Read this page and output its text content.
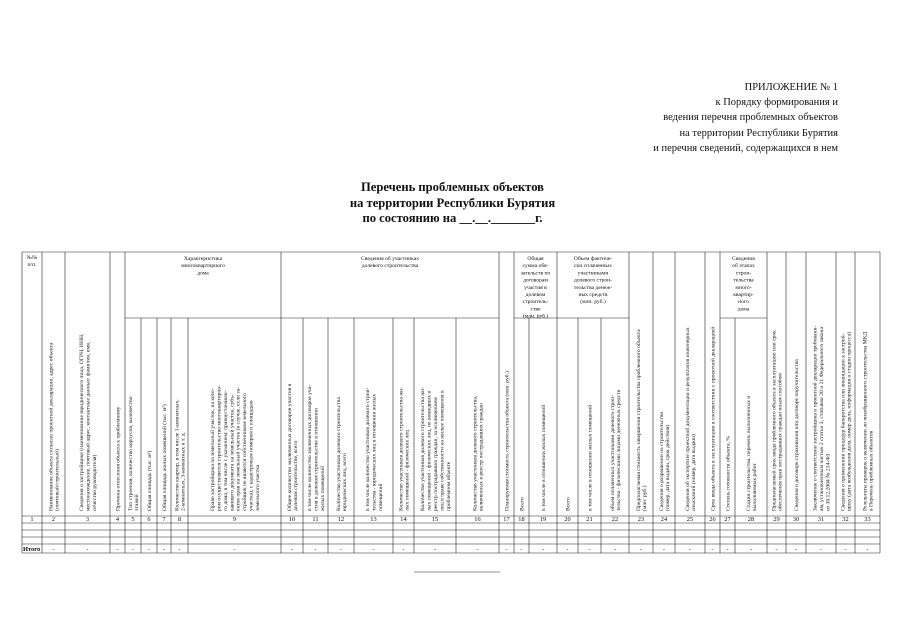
ПРИЛОЖЕНИЕ № 1
к Порядку формирования и
ведения перечня проблемных объектов
на территории Республики Бурятия
и перечня сведений, содержащихся в нем
Перечень проблемных объектов
на территории Республики Бурятия
по состоянию на __.__._______г.
Характеристика
многоквартирного
дома
Сведения об участниках
долевого строительства
Общая
сумма обя-
зательств по
договорам
участия в
долевом
строитель-
стве
(млн. руб.)
Объем фактиче-
ски сплаченных
участниками
долевого строи-
тельства денеж-
ных средств
(млн. руб.)
Сведения
об этапах
строи-
тельства
много-
квартир-
ного
дома
№№
п/п.
1
Наименование объекта согласно проектной декларации, адрес объекта (почтовый/строительный)
2
-
Сведения о застройщике (наименование юридического лица, ОГРН, ИНН, местонахождение, почтовый адрес, контактные данные: фамилия, имя, отчество руководителя)
3
-
Причина отнесения объекта к проблемному
4
-
Тип строения, количество корпусов, количество этажей
5
-
Общая площадь (тыс. м²)
6
-
Общая площадь жилых помещений (тыс. м²)
7
-
Количество квартир, в том числе 1-комнатных, 2-комнатных, 3-комнатных и т. д.
8
-
Право застройщика на земельный участок, на кото- ром осуществляется строительство многоквартирно- го дома, в том числе с указанием: правоустанавли- вающего документа на земельный участок, субъ- ектов прав на земельный участок (в случае, если за- стройщик не является собственником земельного участка), с кадастровым номером и площадью земельного участка
9
-
Общее количество заключенных договоров участия в долевом строительстве, всего
10
-
в том числе количество заключенных договоров уча- стия в долевом строительстве в отношении жилых помещений
11
-
Количество участников долевого строительства юридических лиц, всего
12
-
в том числе количество участников долевого строи- тельства - юридических лиц в отношении жилых помещений
13
-
Количество участников долевого строительства жи- лых помещений - физических лиц
14
-
Количество участников долевого строительства жи- лых помещений - физических лиц, не вошедших в реестр пострадавших граждан, за исключением лиц в праве собственности на жилые помещения в проблемном объекте
15
-
Количество участников долевого строительства, включенных в реестр пострадавших граждан
16
-
Планируемая стоимость строительства объекта (млн. руб.)
17
-
Всего
18
-
в том числе в отношении жилых помещений
19
-
Всего
20
-
в том числе в отношении жилых помещений
21
-
объем оплаченных участниками долевого строи- тельства - физическими лицами денежных средств
22
-
Предполагаемая стоимость завершения строительства проблемного объекта (млн. руб.)
23
-
Сведения о разрешении на строительство (номер, дата выдачи, срок действия)
24
-
Сведения об экспертизе проектной документации и результатов инженерных изысканий (номер, дата выдачи)
25
-
Срок ввода объекта в эксплуатацию в соответствии с проектной декларацией
26
-
Степень готовности объекта, %
27
-
Стадия строительства, перечень выполненных и выполняемых работ
28
-
Предполагаемый срок ввода проблемного объекта в эксплуатацию или срок обеспечения прав пострадавших граждан иным способом
29
-
Сведения о договоре страхования или договоре поручительства
30
-
Заключение о соответствии застройщика и проектной декларации требовани- ям, установленным частью 2 статьи 3, статьями 20 и 21 Федерального закона от 30.12.2004 № 214-ФЗ
31
-
Сведения о применении процедур банкротства или ликвидации к застрой- щику (дата возбуждения дела, номер дела, информация о стадии процесса)
32
-
Результаты проверок о включении ли чиаобращенного строительства МКД в Перечень проблемных объектов
33
-
Итого
